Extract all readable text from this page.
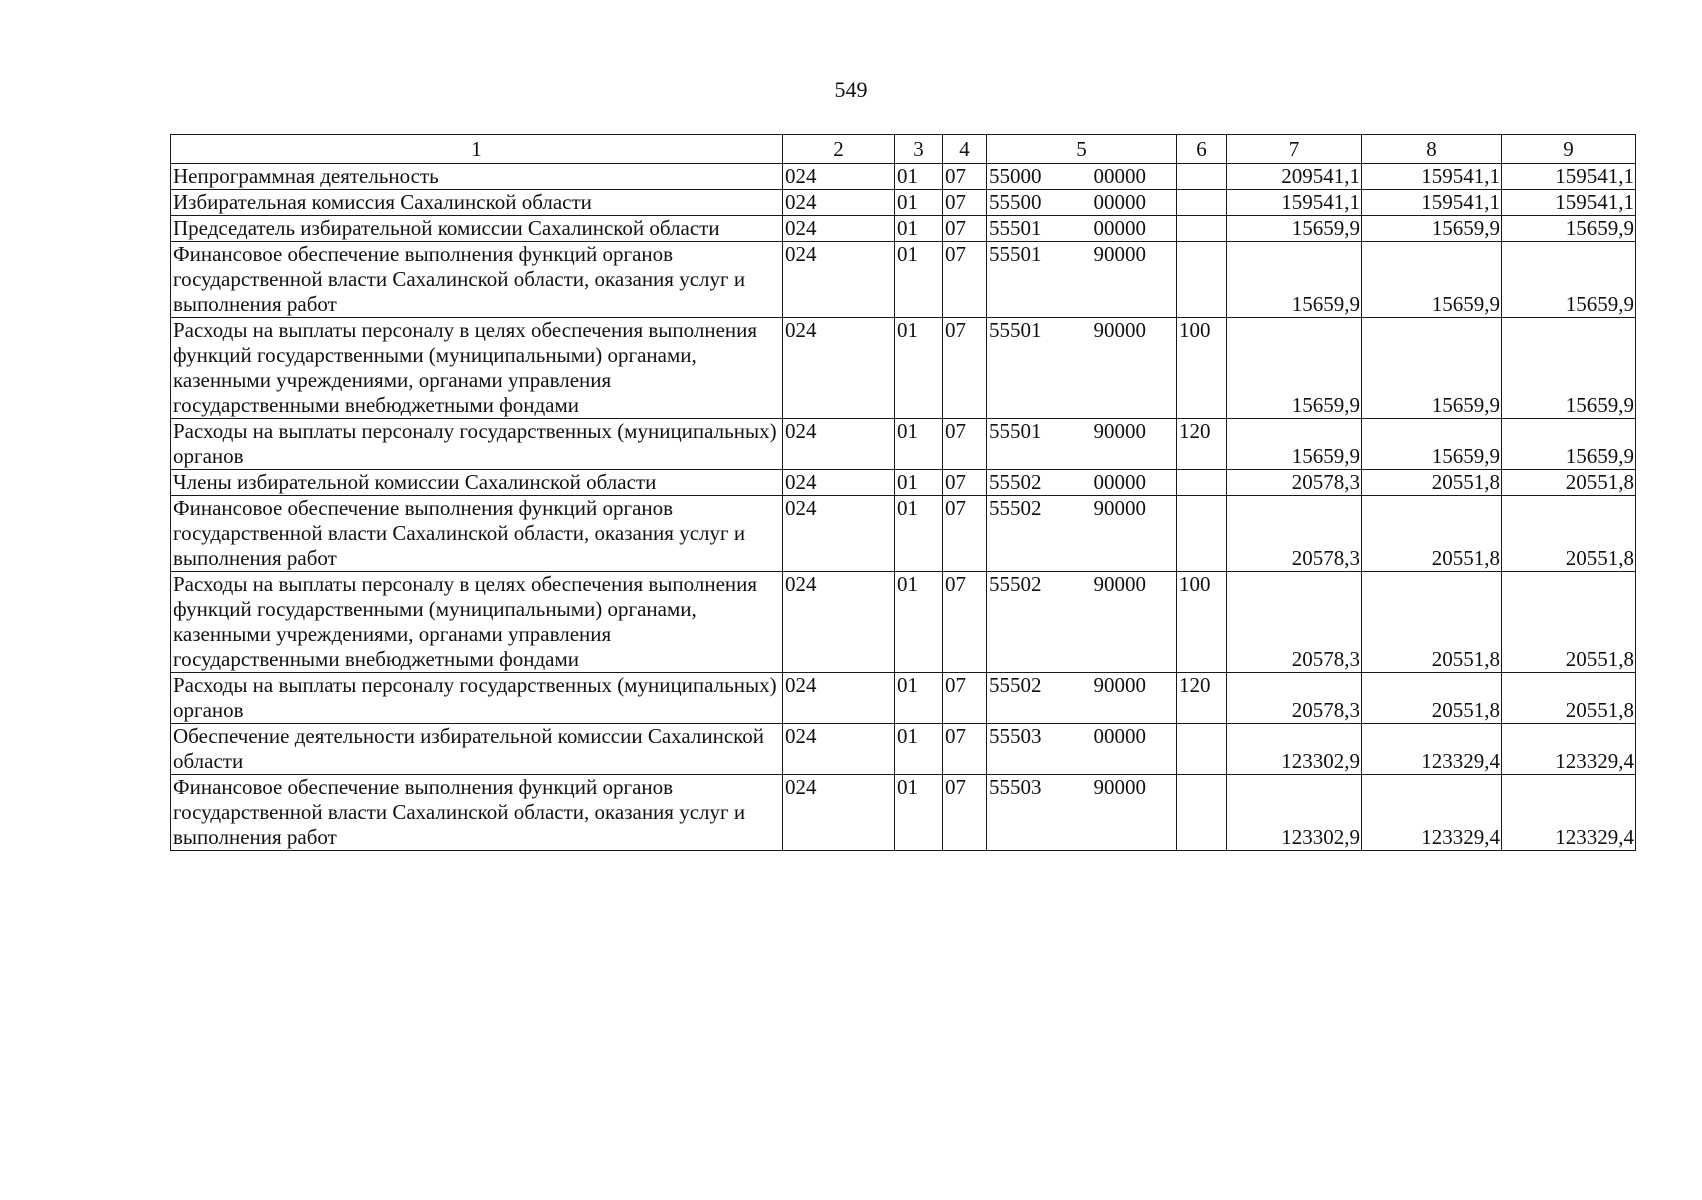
549
1	2	3	4	5	6	7	8	9
Непрограммная деятельность	024	01	07	55000 00000		209541,1	159541,1	159541,1
Избирательная комиссия Сахалинской области	024	01	07	55500 00000		159541,1	159541,1	159541,1
Председатель избирательной комиссии Сахалинской области	024	01	07	55501 00000		15659,9	15659,9	15659,9
Финансовое обеспечение выполнения функций органов государственной власти Сахалинской области, оказания услуг и выполнения работ	024	01	07	55501 90000		15659,9	15659,9	15659,9
Расходы на выплаты персоналу в целях обеспечения выполнения функций государственными (муниципальными) органами, казенными учреждениями, органами управления государственными внебюджетными фондами	024	01	07	55501 90000	100	15659,9	15659,9	15659,9
Расходы на выплаты персоналу государственных (муниципальных) органов	024	01	07	55501 90000	120	15659,9	15659,9	15659,9
Члены избирательной комиссии Сахалинской области	024	01	07	55502 00000		20578,3	20551,8	20551,8
Финансовое обеспечение выполнения функций органов государственной власти Сахалинской области, оказания услуг и выполнения работ	024	01	07	55502 90000		20578,3	20551,8	20551,8
Расходы на выплаты персоналу в целях обеспечения выполнения функций государственными (муниципальными) органами, казенными учреждениями, органами управления государственными внебюджетными фондами	024	01	07	55502 90000	100	20578,3	20551,8	20551,8
Расходы на выплаты персоналу государственных (муниципальных) органов	024	01	07	55502 90000	120	20578,3	20551,8	20551,8
Обеспечение деятельности избирательной комиссии Сахалинской области	024	01	07	55503 00000		123302,9	123329,4	123329,4
Финансовое обеспечение выполнения функций органов государственной власти Сахалинской области, оказания услуг и выполнения работ	024	01	07	55503 90000		123302,9	123329,4	123329,4
